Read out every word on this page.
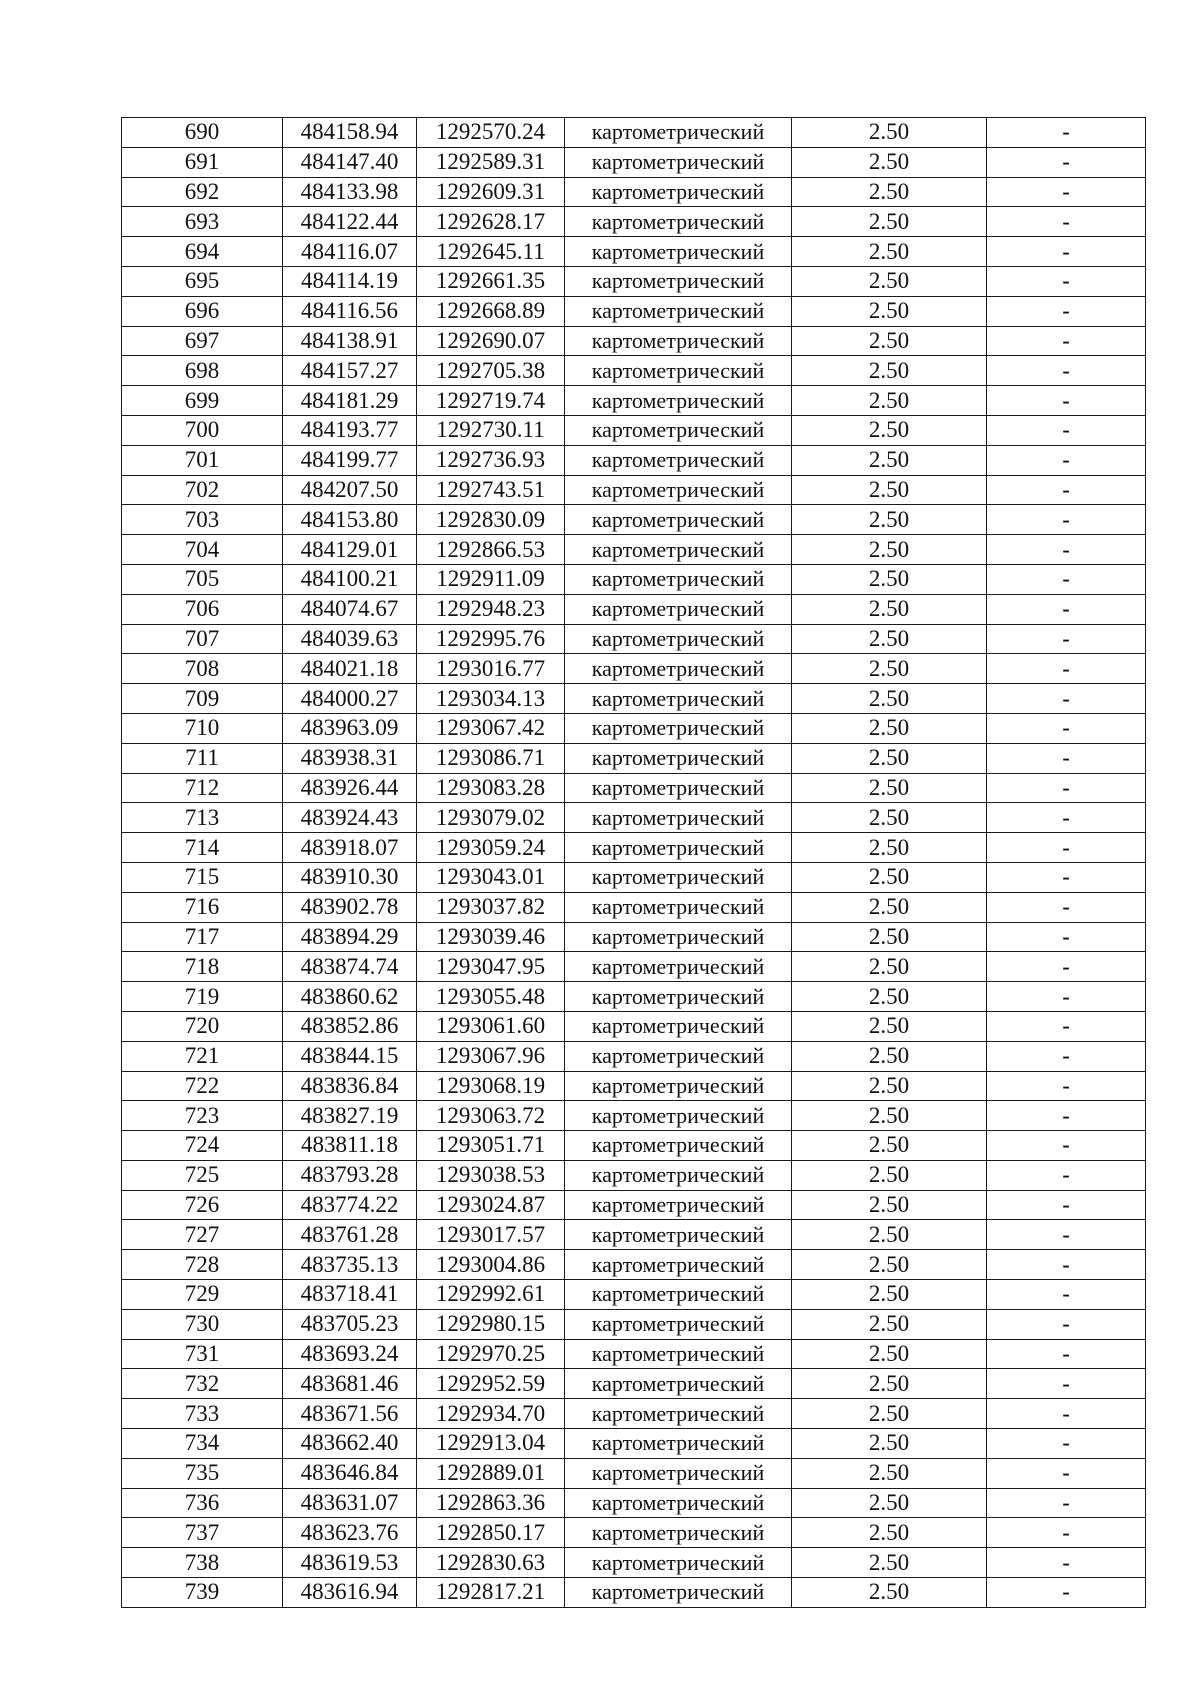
690	484158.94	1292570.24	картометрический	2.50	-
691	484147.40	1292589.31	картометрический	2.50	-
692	484133.98	1292609.31	картометрический	2.50	-
693	484122.44	1292628.17	картометрический	2.50	-
694	484116.07	1292645.11	картометрический	2.50	-
695	484114.19	1292661.35	картометрический	2.50	-
696	484116.56	1292668.89	картометрический	2.50	-
697	484138.91	1292690.07	картометрический	2.50	-
698	484157.27	1292705.38	картометрический	2.50	-
699	484181.29	1292719.74	картометрический	2.50	-
700	484193.77	1292730.11	картометрический	2.50	-
701	484199.77	1292736.93	картометрический	2.50	-
702	484207.50	1292743.51	картометрический	2.50	-
703	484153.80	1292830.09	картометрический	2.50	-
704	484129.01	1292866.53	картометрический	2.50	-
705	484100.21	1292911.09	картометрический	2.50	-
706	484074.67	1292948.23	картометрический	2.50	-
707	484039.63	1292995.76	картометрический	2.50	-
708	484021.18	1293016.77	картометрический	2.50	-
709	484000.27	1293034.13	картометрический	2.50	-
710	483963.09	1293067.42	картометрический	2.50	-
711	483938.31	1293086.71	картометрический	2.50	-
712	483926.44	1293083.28	картометрический	2.50	-
713	483924.43	1293079.02	картометрический	2.50	-
714	483918.07	1293059.24	картометрический	2.50	-
715	483910.30	1293043.01	картометрический	2.50	-
716	483902.78	1293037.82	картометрический	2.50	-
717	483894.29	1293039.46	картометрический	2.50	-
718	483874.74	1293047.95	картометрический	2.50	-
719	483860.62	1293055.48	картометрический	2.50	-
720	483852.86	1293061.60	картометрический	2.50	-
721	483844.15	1293067.96	картометрический	2.50	-
722	483836.84	1293068.19	картометрический	2.50	-
723	483827.19	1293063.72	картометрический	2.50	-
724	483811.18	1293051.71	картометрический	2.50	-
725	483793.28	1293038.53	картометрический	2.50	-
726	483774.22	1293024.87	картометрический	2.50	-
727	483761.28	1293017.57	картометрический	2.50	-
728	483735.13	1293004.86	картометрический	2.50	-
729	483718.41	1292992.61	картометрический	2.50	-
730	483705.23	1292980.15	картометрический	2.50	-
731	483693.24	1292970.25	картометрический	2.50	-
732	483681.46	1292952.59	картометрический	2.50	-
733	483671.56	1292934.70	картометрический	2.50	-
734	483662.40	1292913.04	картометрический	2.50	-
735	483646.84	1292889.01	картометрический	2.50	-
736	483631.07	1292863.36	картометрический	2.50	-
737	483623.76	1292850.17	картометрический	2.50	-
738	483619.53	1292830.63	картометрический	2.50	-
739	483616.94	1292817.21	картометрический	2.50	-
